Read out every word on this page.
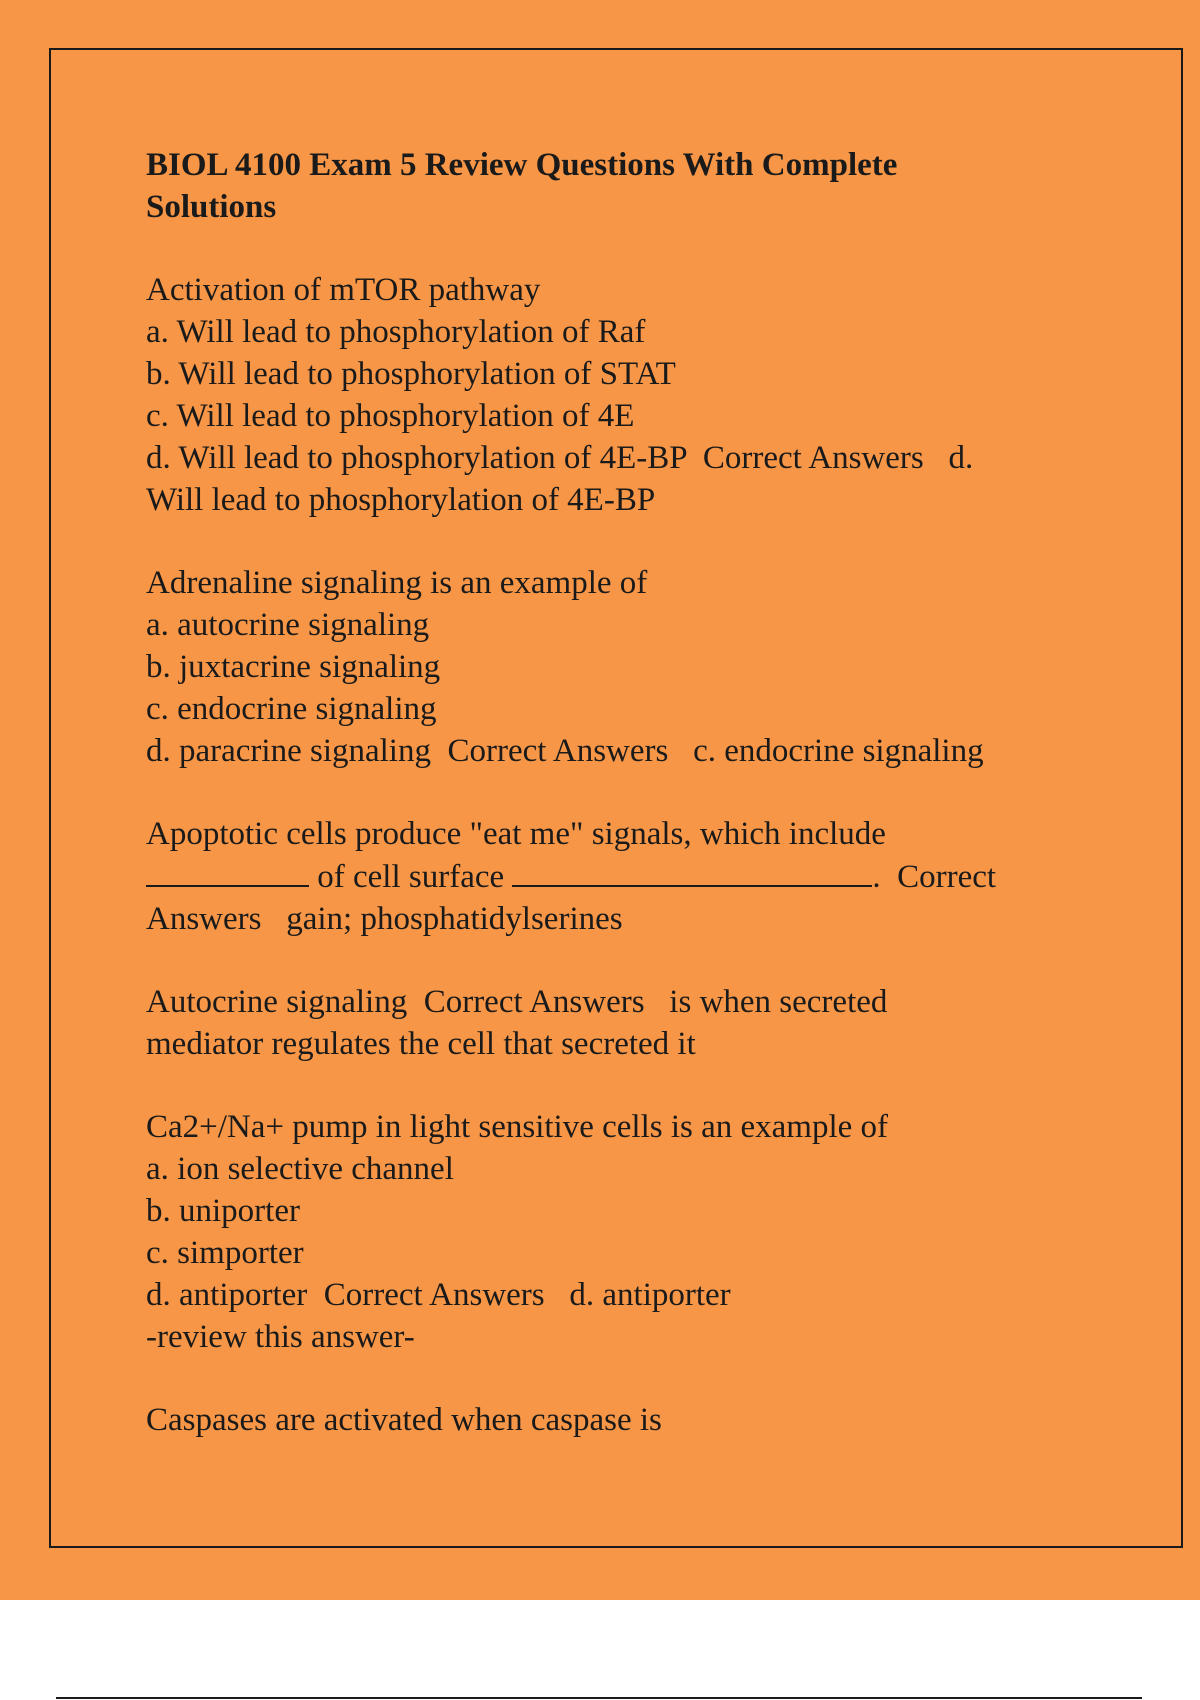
BIOL 4100 Exam 5 Review Questions With Complete
Solutions
Activation of mTOR pathway
a. Will lead to phosphorylation of Raf
b. Will lead to phosphorylation of STAT
c. Will lead to phosphorylation of 4E
d. Will lead to phosphorylation of 4E-BP  Correct Answers   d.
Will lead to phosphorylation of 4E-BP
Adrenaline signaling is an example of
a. autocrine signaling
b. juxtacrine signaling
c. endocrine signaling
d. paracrine signaling  Correct Answers   c. endocrine signaling
Apoptotic cells produce "eat me" signals, which include
of cell surface	.  Correct
Answers   gain; phosphatidylserines
Autocrine signaling  Correct Answers   is when secreted
mediator regulates the cell that secreted it
Ca2+/Na+ pump in light sensitive cells is an example of
a. ion selective channel
b. uniporter
c. simporter
d. antiporter  Correct Answers   d. antiporter
-review this answer-
Caspases are activated when caspase is
